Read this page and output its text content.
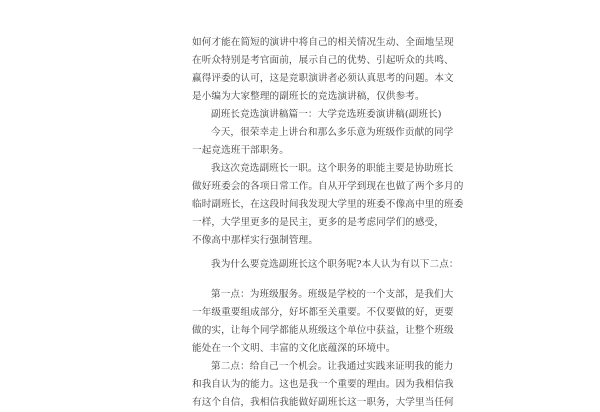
如何才能在简短的演讲中将自己的相关情况生动、全面地呈现
在听众特别是考官面前，展示自己的优势、引起听众的共鸣、
赢得评委的认可，这是竞职演讲者必须认真思考的问题。本文
是小编为大家整理的副班长的竞选演讲稿，仅供参考。

副班长竞选演讲稿篇一：大学竞选班委演讲稿(副班长)

今天，很荣幸走上讲台和那么多乐意为班级作贡献的同学
一起竞选班干部职务。

我这次竞选副班长一职。这个职务的职能主要是协助班长
做好班委会的各项日常工作。自从开学到现在也做了两个多月的
临时副班长，在这段时间我发现大学里的班委不像高中里的班委
一样，大学里更多的是民主，更多的是考虑同学们的感受，
不像高中那样实行强制管理。

我为什么要竞选副班长这个职务呢?本人认为有以下二点：

第一点：为班级服务。班级是学校的一个支部，是我们大
一年级重要组成部分，好坏都至关重要。不仅要做的好，更要
做的实，让每个同学都能从班级这个单位中获益，让整个班级
能处在一个文明、丰富的文化底蕴深的环境中。

第二点：给自己一个机会。让我通过实践来证明我的能力
和我自认为的能力。这也是我一个重要的理由。因为我相信我
有这个自信，我相信我能做好副班长这一职务，大学里当任何
